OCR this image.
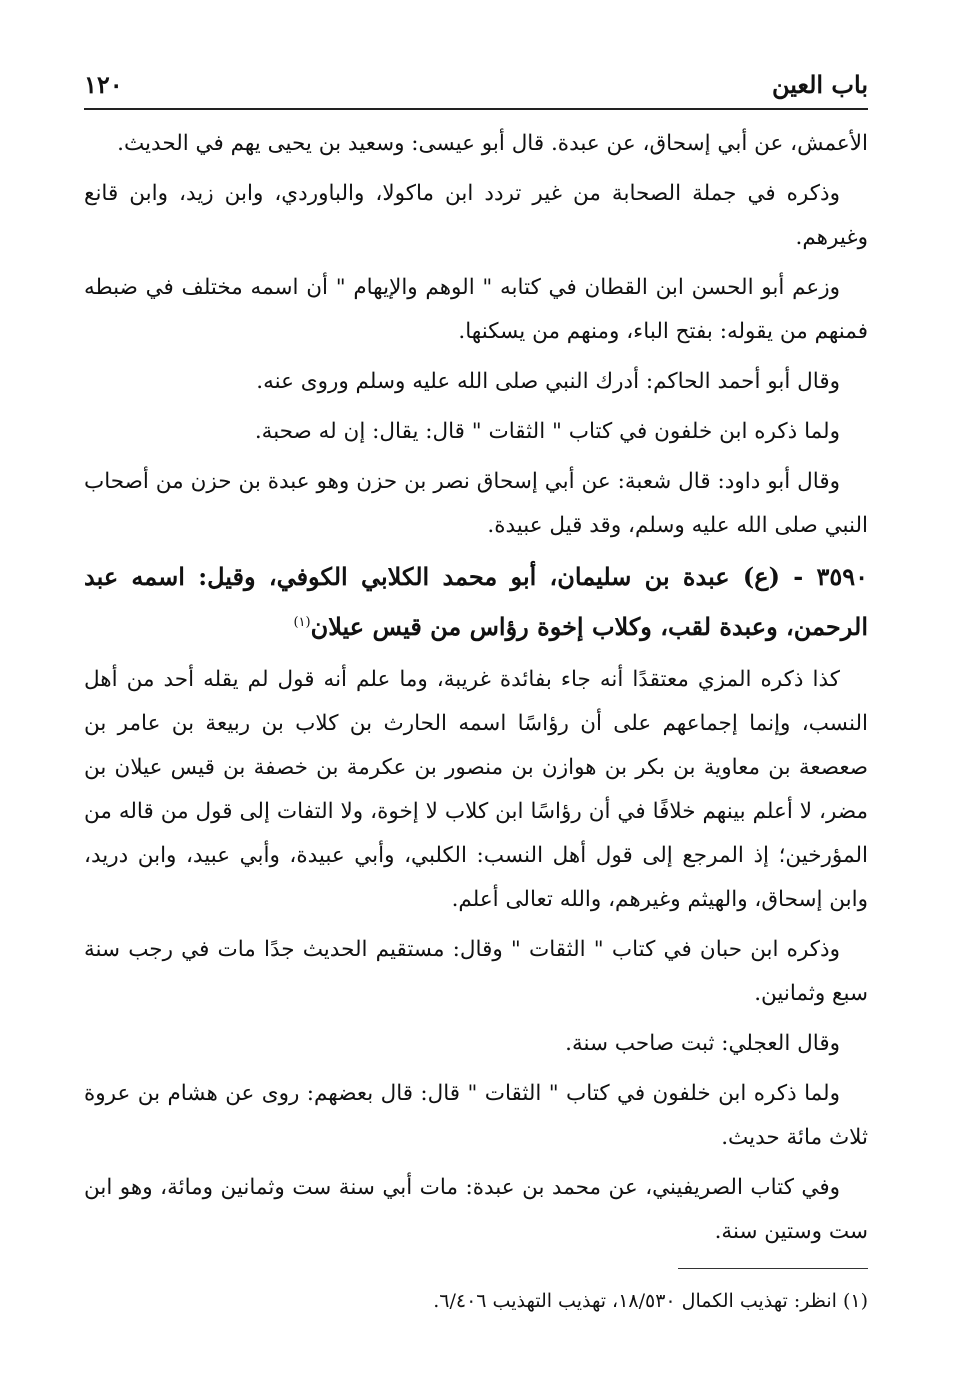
باب العين
١٢٠

الأعمش، عن أبي إسحاق، عن عبدة. قال أبو عيسى: وسعيد بن يحيى يهم في الحديث.

وذكره في جملة الصحابة من غير تردد ابن ماكولا، والباوردي، وابن زيد، وابن قانع وغيرهم.

وزعم أبو الحسن ابن القطان في كتابه " الوهم والإيهام " أن اسمه مختلف في ضبطه فمنهم من يقوله: بفتح الباء، ومنهم من يسكنها.

وقال أبو أحمد الحاكم: أدرك النبي صلى الله عليه وسلم وروى عنه.

ولما ذكره ابن خلفون في كتاب " الثقات " قال: يقال: إن له صحبة.

وقال أبو داود: قال شعبة: عن أبي إسحاق نصر بن حزن وهو عبدة بن حزن من أصحاب النبي صلى الله عليه وسلم، وقد قيل عبيدة.

٣٥٩٠ - (ع) عبدة بن سليمان، أبو محمد الكلابي الكوفي، وقيل: اسمه عبد الرحمن، وعبدة لقب، وكلاب إخوة رؤاس من قيس عيلان$^{(١)}$

كذا ذكره المزي معتقدًا أنه جاء بفائدة غريبة، وما علم أنه قول لم يقله أحد من أهل النسب، وإنما إجماعهم على أن رؤاسًا اسمه الحارث بن كلاب بن ربيعة بن عامر بن صعصعة بن معاوية بن بكر بن هوازن بن منصور بن عكرمة بن خصفة بن قيس عيلان بن مضر، لا أعلم بينهم خلافًا في أن رؤاسًا ابن كلاب لا إخوة، ولا التفات إلى قول من قاله من المؤرخين؛ إذ المرجع إلى قول أهل النسب: الكلبي، وأبي عبيدة، وأبي عبيد، وابن دريد، وابن إسحاق، والهيثم وغيرهم، والله تعالى أعلم.

وذكره ابن حبان في كتاب " الثقات " وقال: مستقيم الحديث جدًا مات في رجب سنة سبع وثمانين.

وقال العجلي: ثبت صاحب سنة.

ولما ذكره ابن خلفون في كتاب " الثقات " قال: قال بعضهم: روى عن هشام بن عروة ثلاث مائة حديث.

وفي كتاب الصريفيني، عن محمد بن عبدة: مات أبي سنة ست وثمانين ومائة، وهو ابن ست وستين سنة.

(١) انظر: تهذيب الكمال ١٨/٥٣٠، تهذيب التهذيب ٦/٤٠٦.
